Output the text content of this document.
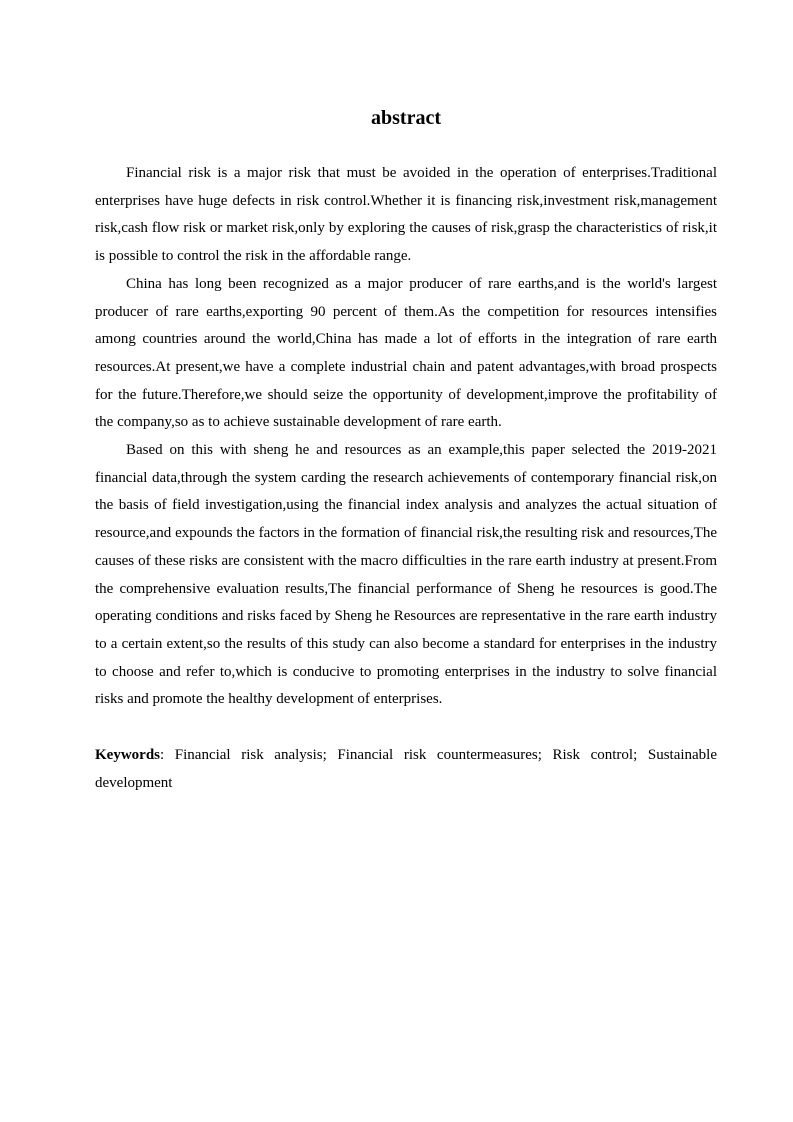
abstract

Financial risk is a major risk that must be avoided in the operation of enterprises.Traditional enterprises have huge defects in risk control.Whether it is financing risk,investment risk,management risk,cash flow risk or market risk,only by exploring the causes of risk,grasp the characteristics of risk,it is possible to control the risk in the affordable range.

China has long been recognized as a major producer of rare earths,and is the world's largest producer of rare earths,exporting 90 percent of them.As the competition for resources intensifies among countries around the world,China has made a lot of efforts in the integration of rare earth resources.At present,we have a complete industrial chain and patent advantages,with broad prospects for the future.Therefore,we should seize the opportunity of development,improve the profitability of the company,so as to achieve sustainable development of rare earth.

Based on this with sheng he and resources as an example,this paper selected the 2019-2021 financial data,through the system carding the research achievements of contemporary financial risk,on the basis of field investigation,using the financial index analysis and analyzes the actual situation of resource,and expounds the factors in the formation of financial risk,the resulting risk and resources,The causes of these risks are consistent with the macro difficulties in the rare earth industry at present.From the comprehensive evaluation results,The financial performance of Sheng he resources is good.The operating conditions and risks faced by Sheng he Resources are representative in the rare earth industry to a certain extent,so the results of this study can also become a standard for enterprises in the industry to choose and refer to,which is conducive to promoting enterprises in the industry to solve financial risks and promote the healthy development of enterprises.

Keywords: Financial risk analysis; Financial risk countermeasures; Risk control; Sustainable development
